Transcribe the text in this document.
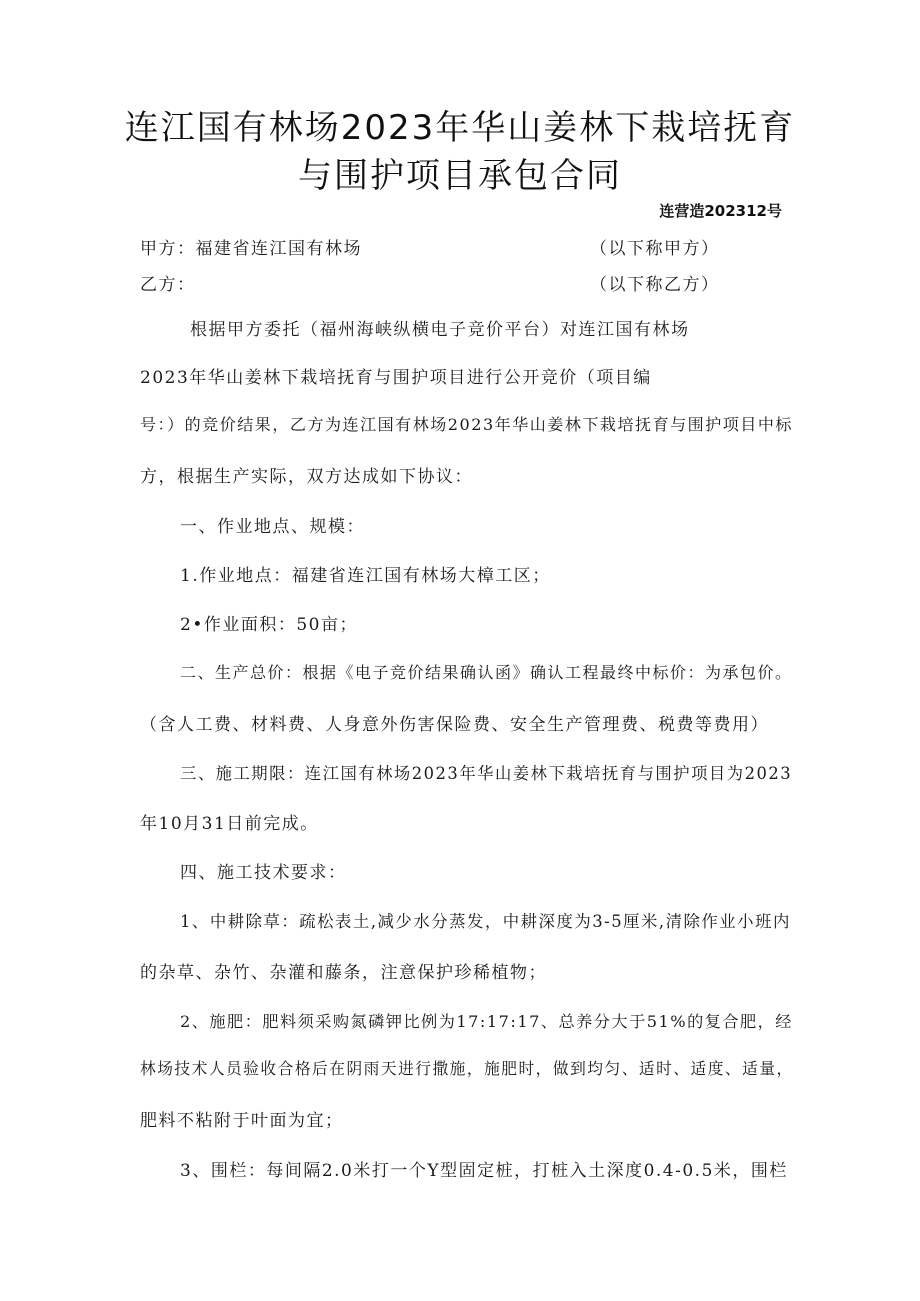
连江国有林场2023年华山姜林下栽培抚育
与围护项目承包合同
连营造202312号
甲方：福建省连江国有林场	（以下称甲方）
乙方：	（以下称乙方）
根据甲方委托（福州海峡纵横电子竞价平台）对连江国有林场
2023年华山姜林下栽培抚育与围护项目进行公开竞价（项目编
号：）的竞价结果，乙方为连江国有林场2023年华山姜林下栽培抚育与围护项目中标
方，根据生产实际，双方达成如下协议：
一、作业地点、规模：
1.作业地点：福建省连江国有林场大樟工区；
2•作业面积：50亩；
二、生产总价：根据《电子竞价结果确认函》确认工程最终中标价：为承包价。
（含人工费、材料费、人身意外伤害保险费、安全生产管理费、税费等费用）
三、施工期限：连江国有林场2023年华山姜林下栽培抚育与围护项目为2023
年10月31日前完成。
四、施工技术要求：
1、中耕除草：疏松表土,减少水分蒸发，中耕深度为3-5厘米,清除作业小班内
的杂草、杂竹、杂灌和藤条，注意保护珍稀植物；
2、施肥：肥料须采购氮磷钾比例为17:17:17、总养分大于51%的复合肥，经
林场技术人员验收合格后在阴雨天进行撒施，施肥时，做到均匀、适时、适度、适量，
肥料不粘附于叶面为宜；
3、围栏：每间隔2.0米打一个Y型固定桩，打桩入土深度0.4-0.5米，围栏
